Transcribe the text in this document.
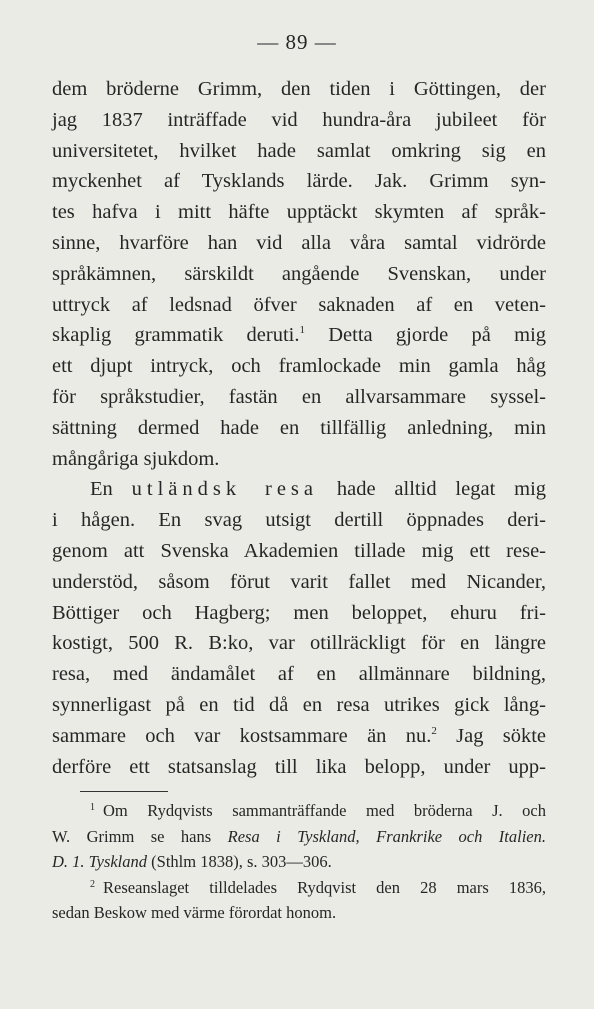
— 89 —
dem bröderne Grimm, den tiden i Göttingen, der
jag 1837 inträffade vid hundra-åra jubileet för
universitetet, hvilket hade samlat omkring sig en
myckenhet af Tysklands lärde. Jak. Grimm syn-
tes hafva i mitt häfte upptäckt skymten af språk-
sinne, hvarföre han vid alla våra samtal vidrörde
språkämnen, särskildt angående Svenskan, under
uttryck af ledsnad öfver saknaden af en veten-
skaplig grammatik deruti.$^1$ Detta gjorde på mig
ett djupt intryck, och framlockade min gamla håg
för språkstudier, fastän en allvarsammare syssel-
sättning dermed hade en tillfällig anledning, min
mångåriga sjukdom.
En utländsk resa hade alltid legat mig
i hågen. En svag utsigt dertill öppnades deri-
genom att Svenska Akademien tillade mig ett rese-
understöd, såsom förut varit fallet med Nicander,
Böttiger och Hagberg; men beloppet, ehuru fri-
kostigt, 500 R. B:ko, var otillräckligt för en längre
resa, med ändamålet af en allmännare bildning,
synnerligast på en tid då en resa utrikes gick lång-
sammare och var kostsammare än nu.$^2$ Jag sökte
derföre ett statsanslag till lika belopp, under upp-
$^1$ Om Rydqvists sammanträffande med bröderna J. och
W. Grimm se hans Resa i Tyskland, Frankrike och Italien.
D. 1. Tyskland (Sthlm 1838), s. 303—306.
$^2$ Reseanslaget tilldelades Rydqvist den 28 mars 1836,
sedan Beskow med värme förordat honom.
